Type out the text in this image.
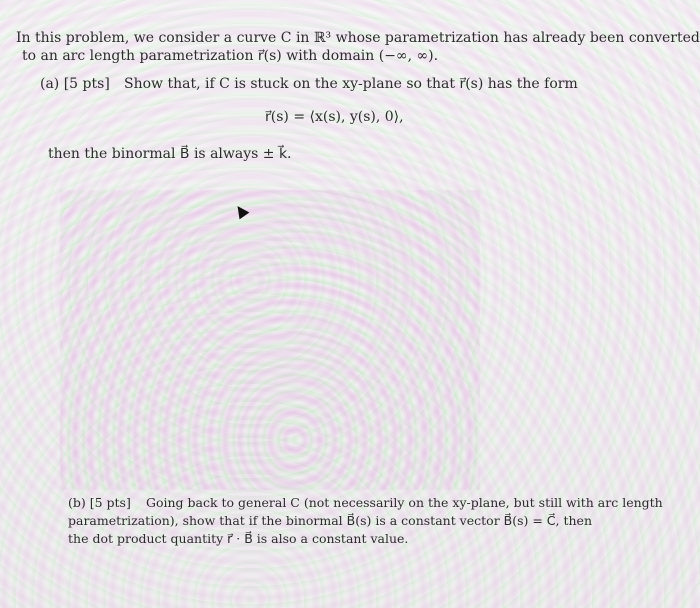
In this problem, we consider a curve C in ℝ³ whose parametrization has already been converted
to an arc length parametrization r⃗(s) with domain (−∞, ∞).
(a) [5 pts] Show that, if C is stuck on the xy-plane so that r⃗(s) has the form
r⃗(s) = ⟨x(s), y(s), 0⟩,
then the binormal B⃗ is always ± k⃗.
(b) [5 pts] Going back to general C (not necessarily on the xy-plane, but still with arc length
parametrization), show that if the binormal B⃗(s) is a constant vector B⃗(s) = C⃗, then
the dot product quantity r⃗ · B⃗ is also a constant value.
